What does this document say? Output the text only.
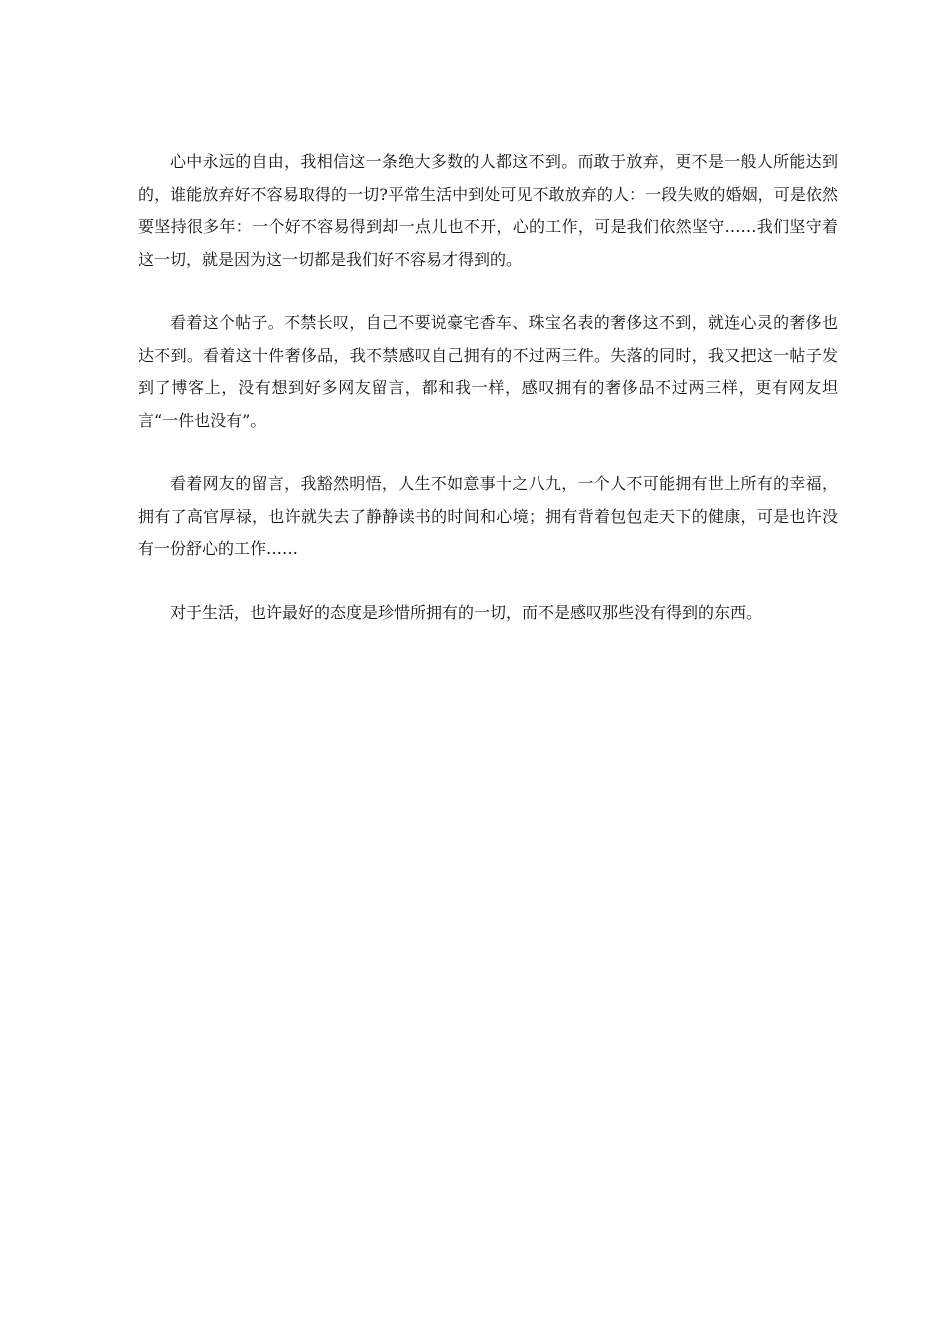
心中永远的自由，我相信这一条绝大多数的人都这不到。而敢于放弃，更不是一般人所能达到的，谁能放弃好不容易取得的一切?平常生活中到处可见不敢放弃的人：一段失败的婚姻，可是依然要坚持很多年：一个好不容易得到却一点儿也不开，心的工作，可是我们依然坚守……我们坚守着这一切，就是因为这一切都是我们好不容易才得到的。

看着这个帖子。不禁长叹，自己不要说豪宅香车、珠宝名表的奢侈这不到，就连心灵的奢侈也达不到。看着这十件奢侈品，我不禁感叹自己拥有的不过两三件。失落的同时，我又把这一帖子发到了博客上，没有想到好多网友留言，都和我一样，感叹拥有的奢侈品不过两三样，更有网友坦言“一件也没有”。

看着网友的留言，我豁然明悟，人生不如意事十之八九，一个人不可能拥有世上所有的幸福，拥有了高官厚禄，也许就失去了静静读书的时间和心境；拥有背着包包走天下的健康，可是也许没有一份舒心的工作……

对于生活，也许最好的态度是珍惜所拥有的一切，而不是感叹那些没有得到的东西。
